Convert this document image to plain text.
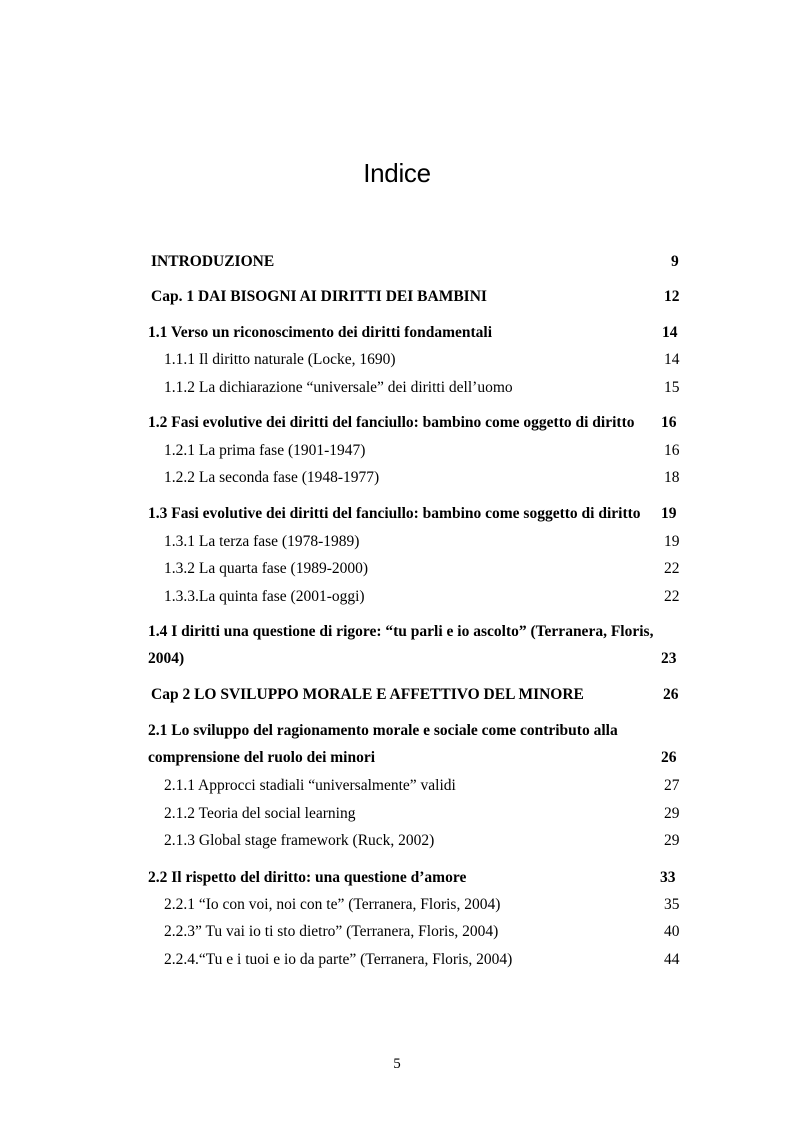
Indice
INTRODUZIONE	9
Cap. 1 DAI BISOGNI AI DIRITTI DEI BAMBINI	12
1.1 Verso un riconoscimento dei diritti fondamentali	14
1.1.1 Il diritto naturale (Locke, 1690)	14
1.1.2 La dichiarazione “universale” dei diritti dell’uomo	15
1.2 Fasi evolutive dei diritti del fanciullo: bambino come oggetto di diritto 16
1.2.1 La prima fase (1901-1947)	16
1.2.2 La seconda fase (1948-1977)	18
1.3 Fasi evolutive dei diritti del fanciullo: bambino come soggetto di diritto 19
1.3.1 La terza fase (1978-1989)	19
1.3.2 La quarta fase (1989-2000)	22
1.3.3.La quinta fase (2001-oggi)	22
1.4 I diritti una questione di rigore: “tu parli e io ascolto” (Terranera, Floris,
2004)	23
Cap 2 LO SVILUPPO MORALE E AFFETTIVO DEL MINORE	26
2.1 Lo sviluppo del ragionamento morale e sociale come contributo alla
comprensione del ruolo dei minori	26
2.1.1 Approcci stadiali “universalmente” validi	27
2.1.2 Teoria del social learning	29
2.1.3 Global stage framework (Ruck, 2002)	29
2.2 Il rispetto del diritto: una questione d’amore	33
2.2.1 “Io con voi, noi con te” (Terranera, Floris, 2004)	35
2.2.3” Tu vai io ti sto dietro” (Terranera, Floris, 2004)	40
2.2.4.“Tu e i tuoi e io da parte” (Terranera, Floris, 2004)	44
5
